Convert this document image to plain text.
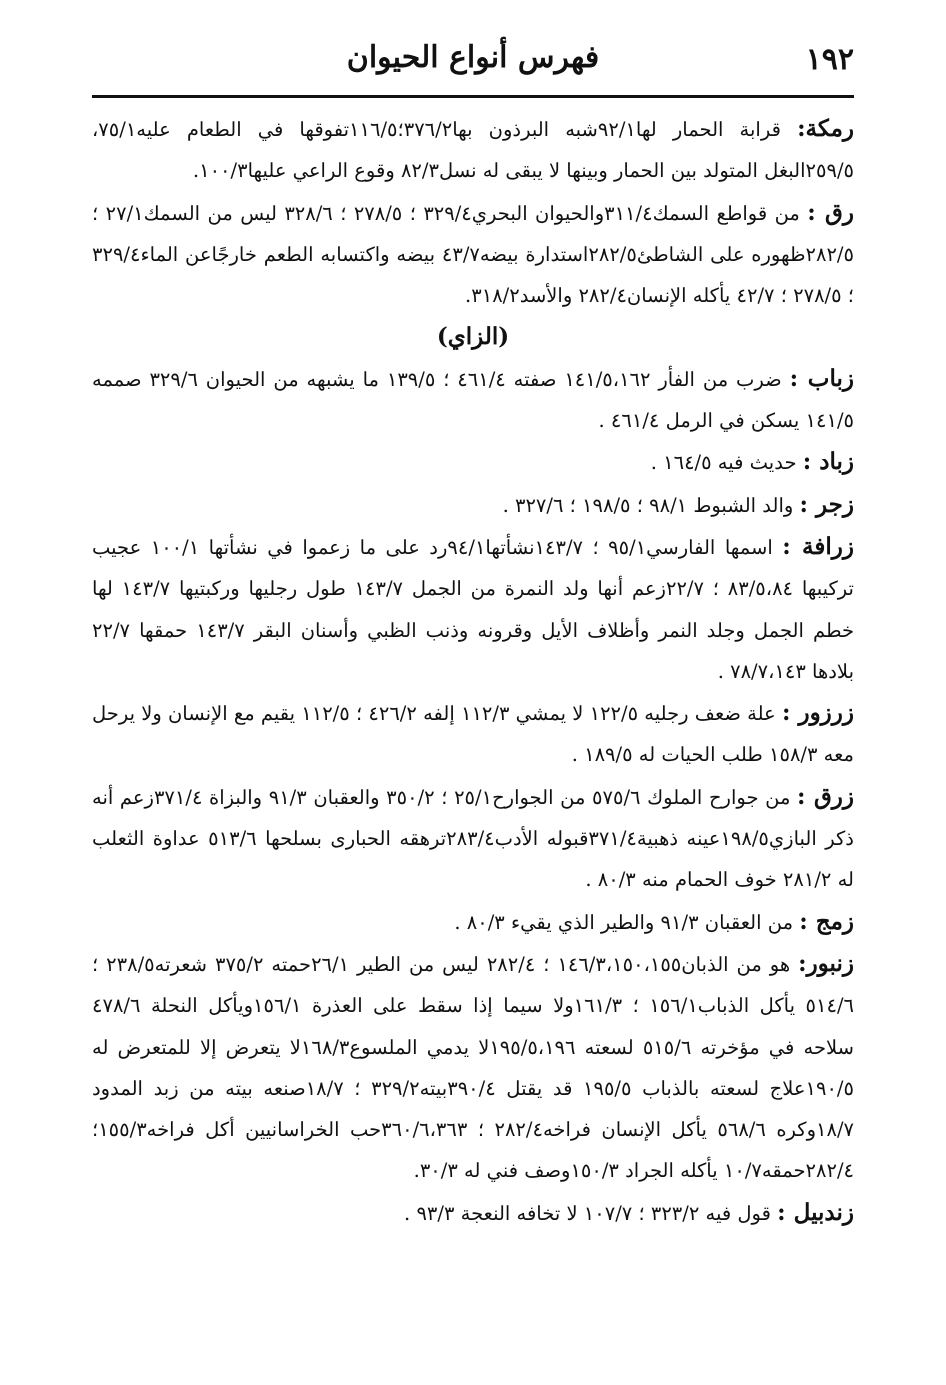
١٩٢
فهرس أنواع الحيوان

رمكة: قرابة الحمار لها٩٢/١شبه البرذون بها٣٧٦/٢؛١١٦/٥تفوقها في الطعام عليه٧٥/١، ٢٥٩/٥البغل المتولد بين الحمار وبينها لا يبقى له نسل٨٢/٣ وقوع الراعي عليها١٠٠/٣.

رق : من قواطع السمك٣١١/٤والحيوان البحري٣٢٩/٤ ؛ ٢٧٨/٥ ؛ ٣٢٨/٦ ليس من السمك٢٧/١ ؛ ٢٨٢/٥ظهوره على الشاطئ٢٨٢/٥استدارة بيضه٤٣/٧ بيضه واكتسابه الطعم خارجًاعن الماء٣٢٩/٤ ؛ ٢٧٨/٥ ؛ ٤٢/٧ يأكله الإنسان٢٨٢/٤ والأسد٣١٨/٢.

(الزاي)

زباب : ضرب من الفأر ١٤١/٥،١٦٢ صفته ٤٦١/٤ ؛ ١٣٩/٥ ما يشبهه من الحيوان ٣٢٩/٦ صممه ١٤١/٥ يسكن في الرمل ٤٦١/٤ .

زباد : حديث فيه ١٦٤/٥ .

زجر : والد الشبوط ٩٨/١ ؛ ١٩٨/٥ ؛ ٣٢٧/٦ .

زرافة : اسمها الفارسي٩٥/١ ؛ ١٤٣/٧نشأتها٩٤/١رد على ما زعموا في نشأتها ١٠٠/١ عجيب تركيبها ٨٣/٥،٨٤ ؛ ٢٢/٧زعم أنها ولد النمرة من الجمل ١٤٣/٧ طول رجليها وركبتيها ١٤٣/٧ لها خطم الجمل وجلد النمر وأظلاف الأيل وقرونه وذنب الظبي وأسنان البقر ١٤٣/٧ حمقها ٢٢/٧ بلادها ٧٨/٧،١٤٣ .

زرزور : علة ضعف رجليه ١٢٢/٥ لا يمشي ١١٢/٣ إلفه ٤٢٦/٢ ؛ ١١٢/٥ يقيم مع الإنسان ولا يرحل معه ١٥٨/٣ طلب الحيات له ١٨٩/٥ .

زرق : من جوارح الملوك ٥٧٥/٦ من الجوارح٢٥/١ ؛ ٣٥٠/٢ والعقبان ٩١/٣ والبزاة ٣٧١/٤زعم أنه ذكر البازي١٩٨/٥عينه ذهبية٣٧١/٤قبوله الأدب٢٨٣/٤ترهقه الحبارى بسلحها ٥١٣/٦ عداوة الثعلب له ٢٨١/٢ خوف الحمام منه ٨٠/٣ .

زمج : من العقبان ٩١/٣ والطير الذي يقيء ٨٠/٣ .

زنبور: هو من الذبان١٤٦/٣،١٥٠،١٥٥ ؛ ٢٨٢/٤ ليس من الطير ٢٦/١حمته ٣٧٥/٢ شعرته٢٣٨/٥ ؛ ٥١٤/٦ يأكل الذباب١٥٦/١ ؛ ١٦١/٣ولا سيما إذا سقط على العذرة ١٥٦/١ويأكل النحلة ٤٧٨/٦ سلاحه في مؤخرته ٥١٥/٦ لسعته ١٩٥/٥،١٩٦لا يدمي الملسوع١٦٨/٣لا يتعرض إلا للمتعرض له ١٩٠/٥علاج لسعته بالذباب ١٩٥/٥ قد يقتل ٣٩٠/٤بيته٣٢٩/٢ ؛ ١٨/٧صنعه بيته من زبد المدود ١٨/٧وكره ٥٦٨/٦ يأكل الإنسان فراخه٢٨٢/٤ ؛ ٣٦٠/٦،٣٦٣حب الخراسانيين أكل فراخه١٥٥/٣؛ ٢٨٢/٤حمقه١٠/٧ يأكله الجراد ١٥٠/٣وصف فني له ٣٠/٣.

زندبيل : قول فيه ٣٢٣/٢ ؛ ١٠٧/٧ لا تخافه النعجة ٩٣/٣ .
